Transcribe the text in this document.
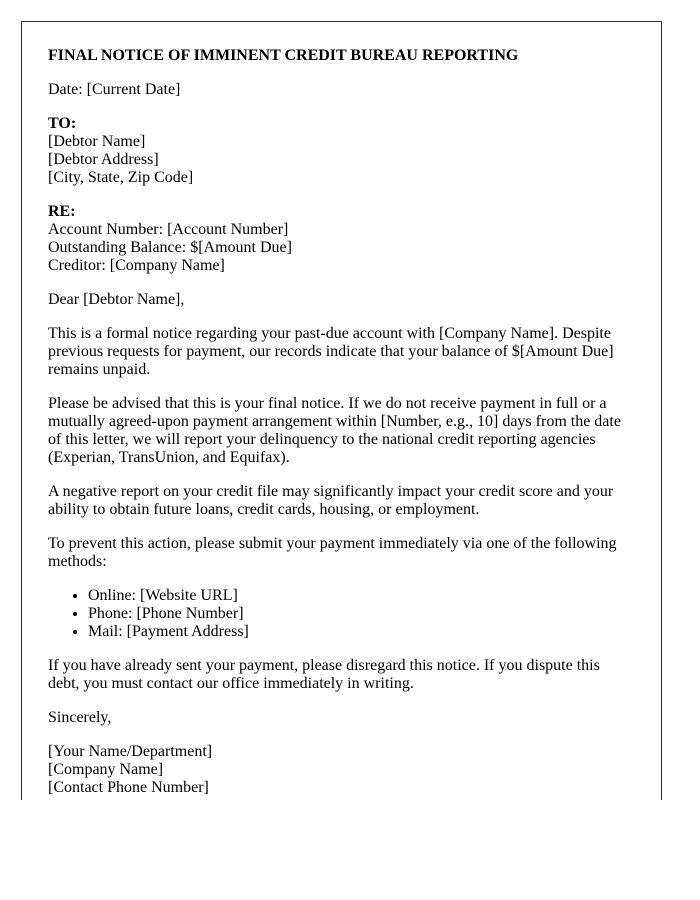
FINAL NOTICE OF IMMINENT CREDIT BUREAU REPORTING

Date: [Current Date]

TO:
[Debtor Name]
[Debtor Address]
[City, State, Zip Code]

RE:
Account Number: [Account Number]
Outstanding Balance: $[Amount Due]
Creditor: [Company Name]

Dear [Debtor Name],

This is a formal notice regarding your past-due account with [Company Name]. Despite previous requests for payment, our records indicate that your balance of $[Amount Due] remains unpaid.

Please be advised that this is your final notice. If we do not receive payment in full or a mutually agreed-upon payment arrangement within [Number, e.g., 10] days from the date of this letter, we will report your delinquency to the national credit reporting agencies (Experian, TransUnion, and Equifax).

A negative report on your credit file may significantly impact your credit score and your ability to obtain future loans, credit cards, housing, or employment.

To prevent this action, please submit your payment immediately via one of the following methods:

• Online: [Website URL]
• Phone: [Phone Number]
• Mail: [Payment Address]

If you have already sent your payment, please disregard this notice. If you dispute this debt, you must contact our office immediately in writing.

Sincerely,

[Your Name/Department]
[Company Name]
[Contact Phone Number]
